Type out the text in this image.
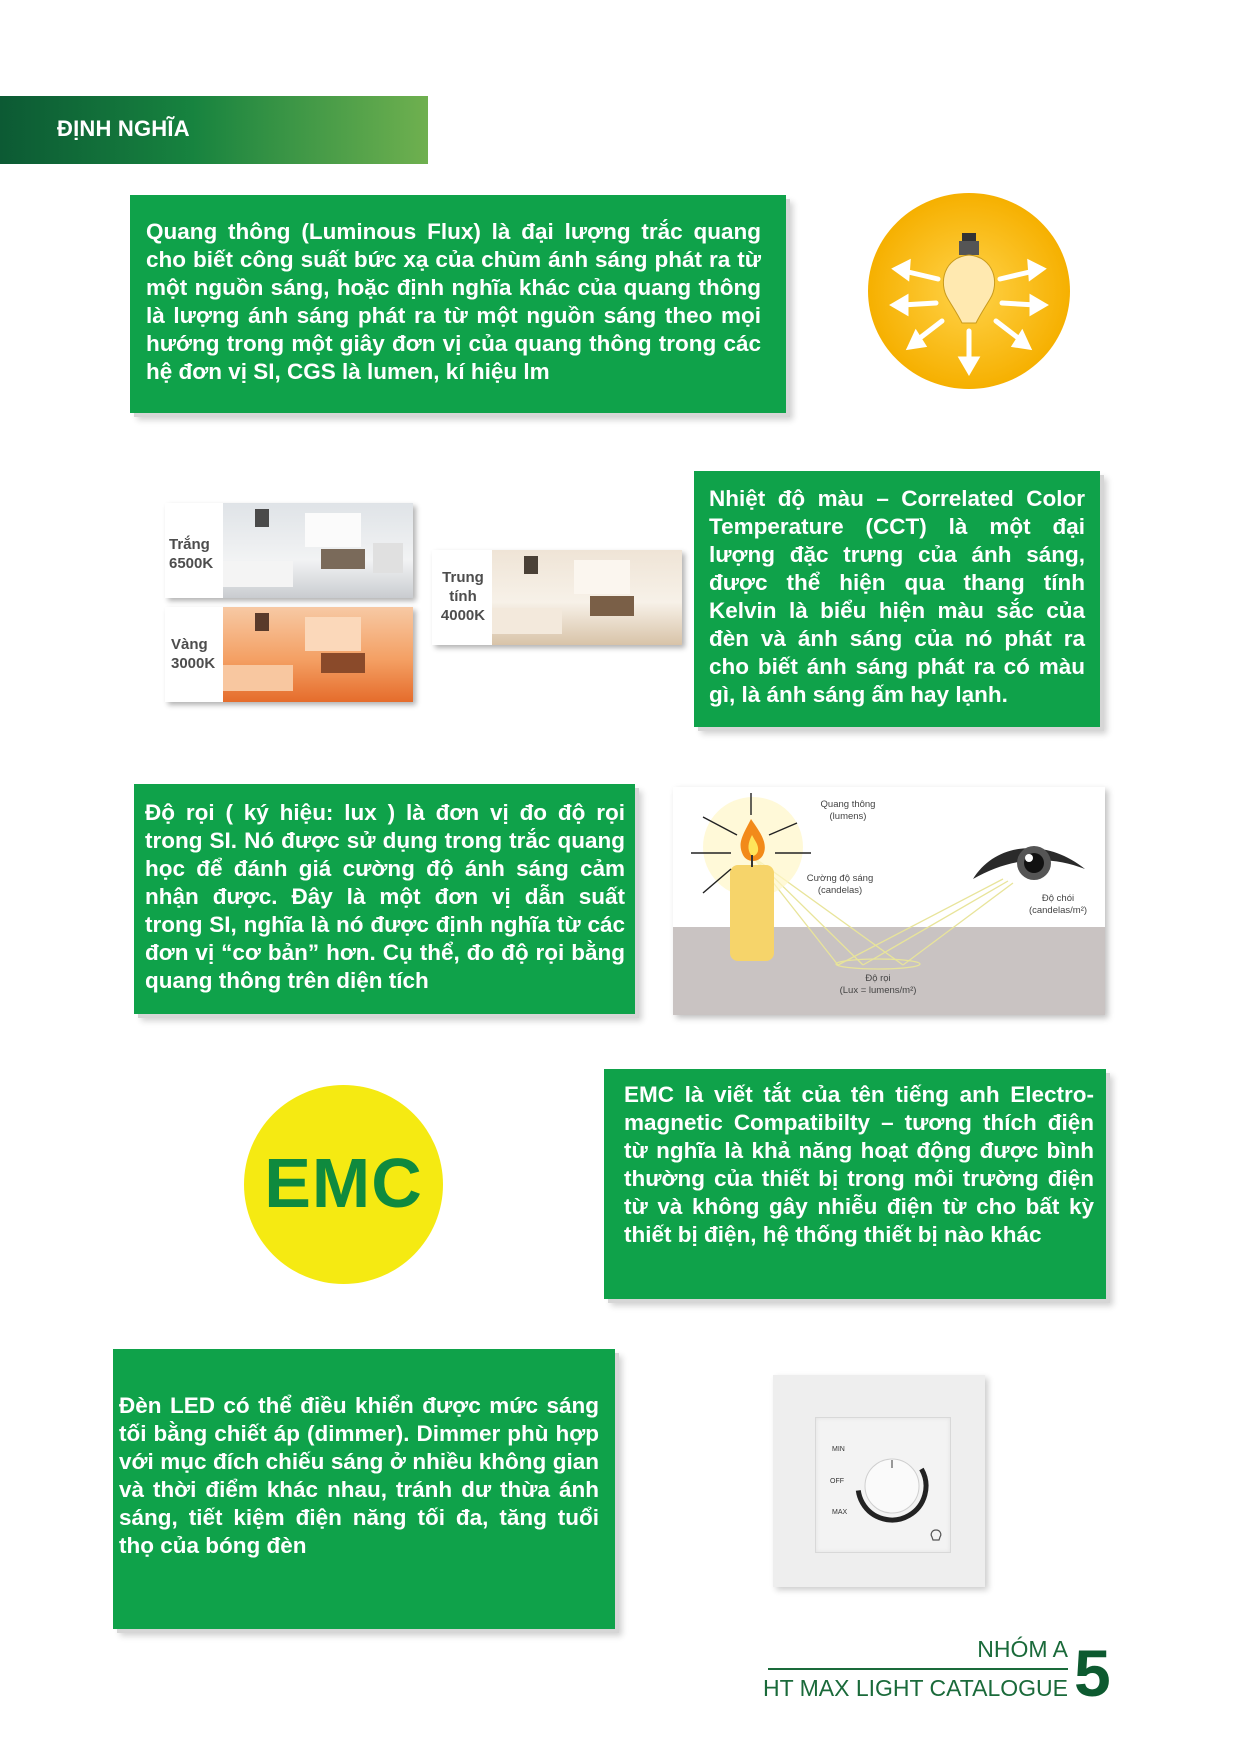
ĐỊNH NGHĨA
Quang thông (Luminous Flux) là đại lượng trắc quang cho biết công suất bức xạ của chùm ánh sáng phát ra từ một nguồn sáng, hoặc định nghĩa khác của quang thông là lượng ánh sáng phát ra từ một nguồn sáng theo mọi hướng trong một giây đơn vị của quang thông trong các hệ đơn vị SI, CGS là lumen, kí hiệu lm
Trắng
6500K
Vàng
3000K
Trung tính
4000K
Nhiệt độ màu – Correlated Color Temperature (CCT) là một đại lượng đặc trưng của ánh sáng, được thể hiện qua thang tính Kelvin là biểu hiện màu sắc của đèn và ánh sáng của nó phát ra cho biết ánh sáng phát ra có màu gì, là ánh sáng ấm hay lạnh.
Độ rọi ( ký hiệu: lux ) là đơn vị đo độ rọi trong SI. Nó được sử dụng trong trắc quang học để đánh giá cường độ ánh sáng cảm nhận được. Đây là một đơn vị dẫn suất trong SI, nghĩa là nó được định nghĩa từ các đơn vị “cơ bản” hơn. Cụ thể, đo độ rọi bằng quang thông trên diện tích
Quang thông
(lumens)
Cường độ sáng
(candelas)
Độ chói
(candelas/m²)
Độ rọi
(Lux = lumens/m²)
EMC
EMC là viết tắt của tên tiếng anh Electro-magnetic Compatibilty – tương thích điện từ nghĩa là khả năng hoạt động được bình thường của thiết bị trong môi trường điện từ và không gây nhiễu điện từ cho bất kỳ thiết bị điện, hệ thống thiết bị nào khác
Đèn LED có thể điều khiển được mức sáng tối bằng chiết áp (dimmer). Dimmer phù hợp với mục đích chiếu sáng ở nhiều không gian và thời điểm khác nhau, tránh dư thừa ánh sáng, tiết kiệm điện năng tối đa, tăng tuổi thọ của bóng đèn
MIN
OFF
MAX
NHÓM A
HT MAX LIGHT CATALOGUE 5
